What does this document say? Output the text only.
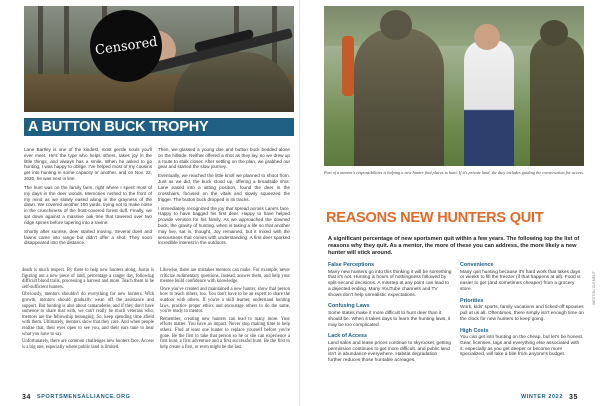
Censored
A BUTTON BUCK TROPHY

Lane Bartley is one of the kindest, most gentle souls you'll ever meet. He's the type who helps others, takes joy in the little things, and always has a smile. When he asked to go hunting, I was happy to oblige. I've helped most of my cousins get into hunting in some capacity or another, and on Nov. 22, 2020, he was next in line.

The hunt was on the family farm, right where I spent most of my days in the deer woods. Memories rushed to the front of my mind as we slowly eased along in the grayness of the dawn. We covered another 100 yards, trying not to make noise in the crunchiness of the frost-covered forest duff. Finally, we sat down against a massive oak tree that towered over two ridge spines before tapering into a ravine.

Shortly after sunrise, deer started moving. Several does and fawns came into range but didn't offer a shot. They soon disappeared into the distance.

Then, we glassed a young doe and button buck bedded alone on the hillside. Neither offered a shot as they lay, so we drew up a route to stalk closer. After settling on the plan, we grabbed our gear and started the slow journey.

Eventually, we reached the little knoll we planned to shoot from. Just as we did, the buck stood up, offering a broadside shot. Lane eased into a sitting position, found the deer in the crosshairs, focused on the vitals and slowly squeezed the trigger. The button buck dropped in its tracks.

I immediately recognized the joy that spread across Lane's face. Happy to have bagged his first deer. Happy to have helped provide venison for his family. As we approached the downed buck, the gravity of hunting, when is taking a life so that another may live, sat in, thought, Joy remained, but it mixed with the seriousness that comes with understanding. A first deer sparked incredible interest in the outdoors.

death is much respect. By there to help new hunters along, Justin is figuring out a new piece of land, percentage a ranger day, following difficult blood trails, processing a harvest and more. Teach them to be self-sufficient hunters.

Obviously, mentors shouldn't do everything for new hunters. With growth, mentors should gradually wean off the assistance and support. But hunting is also about camaraderie, and if they don't have someone to share that with, we can't really be much veterans who, mentors are the fellowship belonging. So, keep spending time afield with them. Ultimately, mentors show that they care. And when people realize that, their eyes open to see you, and their ears tune to hear what you have to say.

Unfortunately, there are common challenges new hunters face. Access is a big one, especially where public land is limited.

Likewise, there are mistakes mentors can make. For example, never criticize rudimentary questions. Instead, answer them, and help your mentee build confidence with knowledge.

Once you've created and maintained a new hunter, show that person how to teach others, too. You don't have to be an expert to share the outdoor with others. If you're a skill learner, understand hunting laws, practice proper ethics and encourage others to do the same, you're ready to mentor.

Remember, creating new hunters can lead to many more. Your efforts matter. You have an impact. Never stop making time to help others. Find at least one hunter to replace yourself before you're gone. Be the first to take that person so he or she can experience a first hunt, a first adventure and a first successful hunt. Be the first to help create a first, or even might be the last.

34 SPORTSMENSALLIANCE.ORG
Part of a mentor's responsibilities is helping a new hunter find places to hunt. If it's private land, the duty includes guiding the conversation for access.
WESTON CLEMENT
REASONS NEW HUNTERS QUIT
A significant percentage of new sportsmen quit within a few years. The following top the list of reasons why they quit. As a mentor, the more of these you can address, the more likely a new hunter will stick around.
False Perceptions
Many new hunters go into this thinking it will be something that it's not. Hunting is hours of nothingness followed by split-second decisions. A misstep at any point can lead to a dejected ending. Many YouTube channels and TV shows don't help unrealistic expectations.
Confusing Laws
Some states make it more difficult to hunt deer than it should be. When it takes days to learn the hunting laws, it may be too complicated.
Lack of Access
Land sales and lease prices continue to skyrocket, getting permission continues to get more difficult, and public land isn't in abundance everywhere. Habitat degradation further reduces those huntable acreages.
Convenience
Many quit hunting because it's hard work that takes days or weeks to fill the freezer (if that happens at all). Food is easier to get (and sometimes cheaper) from a grocery store.
Priorities
Work, kids' sports, family vacations and ticked-off spouses pull at us all. Oftentimes, there simply isn't enough time on the clock for new hunters to keep going.
High Costs
You can get into hunting on the cheap, but let's be honest. Gear, licenses, tags and everything else associated with it, especially as you get deeper or become more specialized, will take a bite from anyone's budget.
WINTER 2022 35
